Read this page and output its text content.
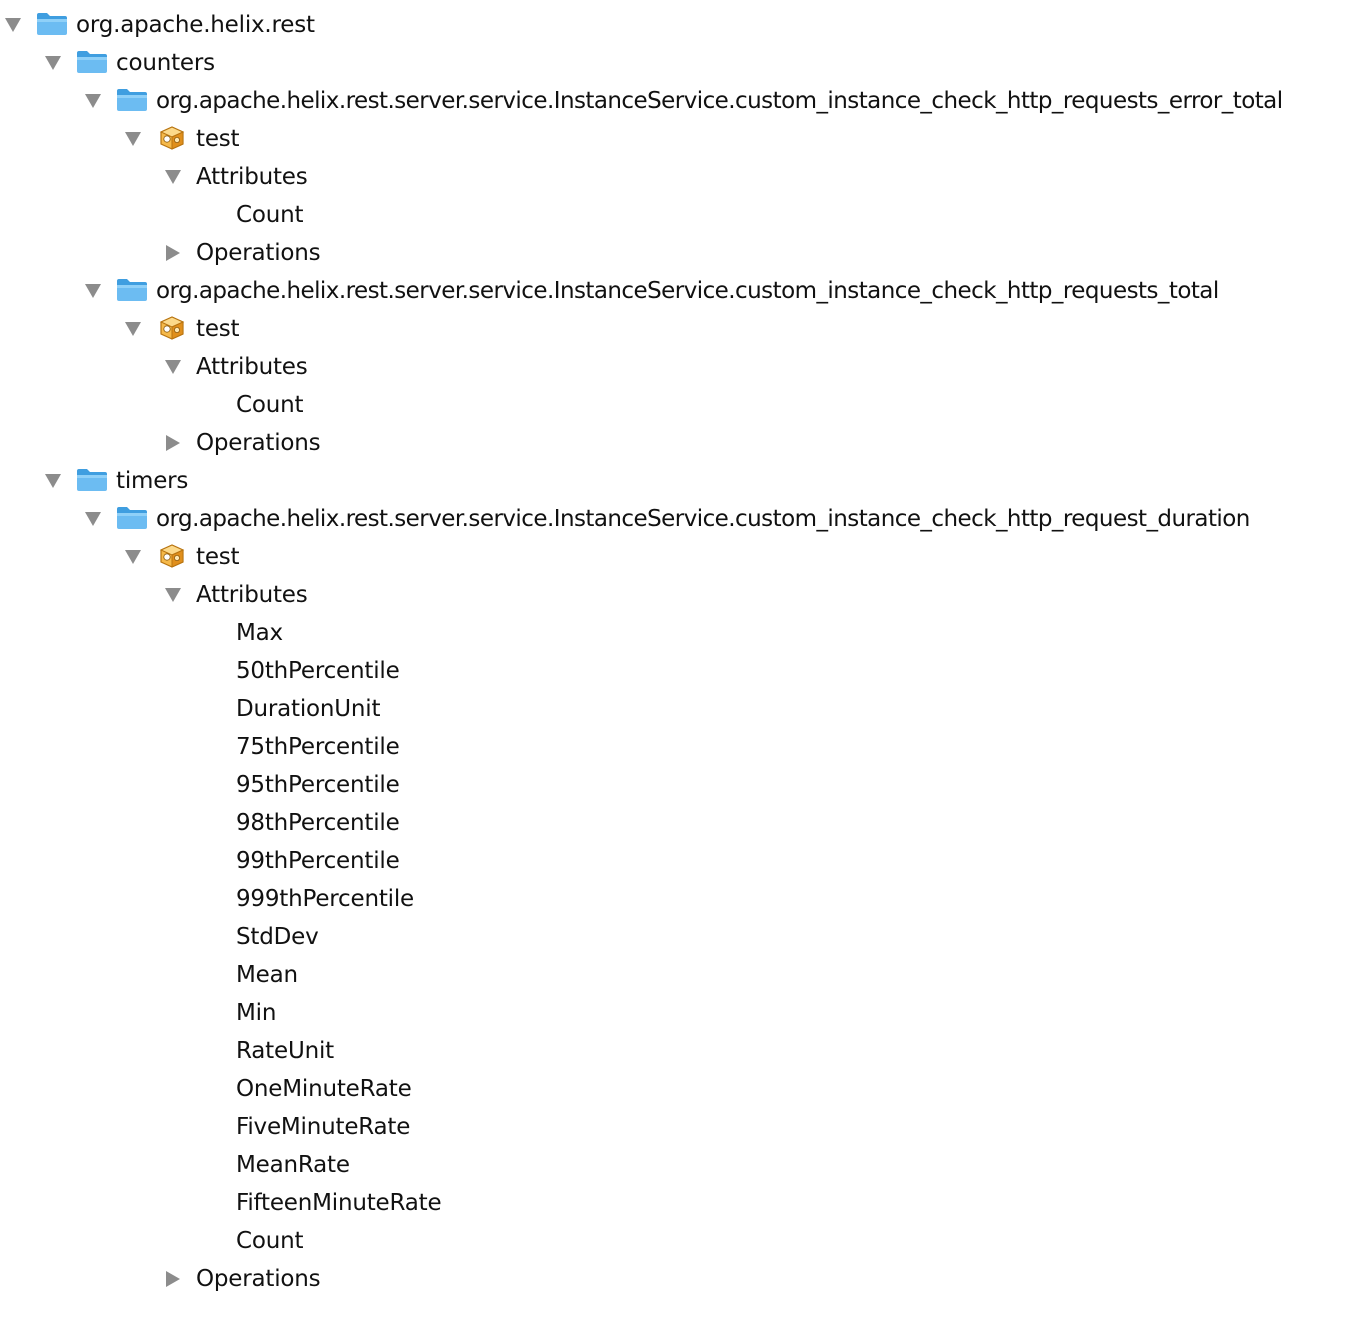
org.apache.helix.rest
counters
org.apache.helix.rest.server.service.InstanceService.custom_instance_check_http_requests_error_total
test
Attributes
Count
Operations
org.apache.helix.rest.server.service.InstanceService.custom_instance_check_http_requests_total
test
Attributes
Count
Operations
timers
org.apache.helix.rest.server.service.InstanceService.custom_instance_check_http_request_duration
test
Attributes
Max
50thPercentile
DurationUnit
75thPercentile
95thPercentile
98thPercentile
99thPercentile
999thPercentile
StdDev
Mean
Min
RateUnit
OneMinuteRate
FiveMinuteRate
MeanRate
FifteenMinuteRate
Count
Operations
